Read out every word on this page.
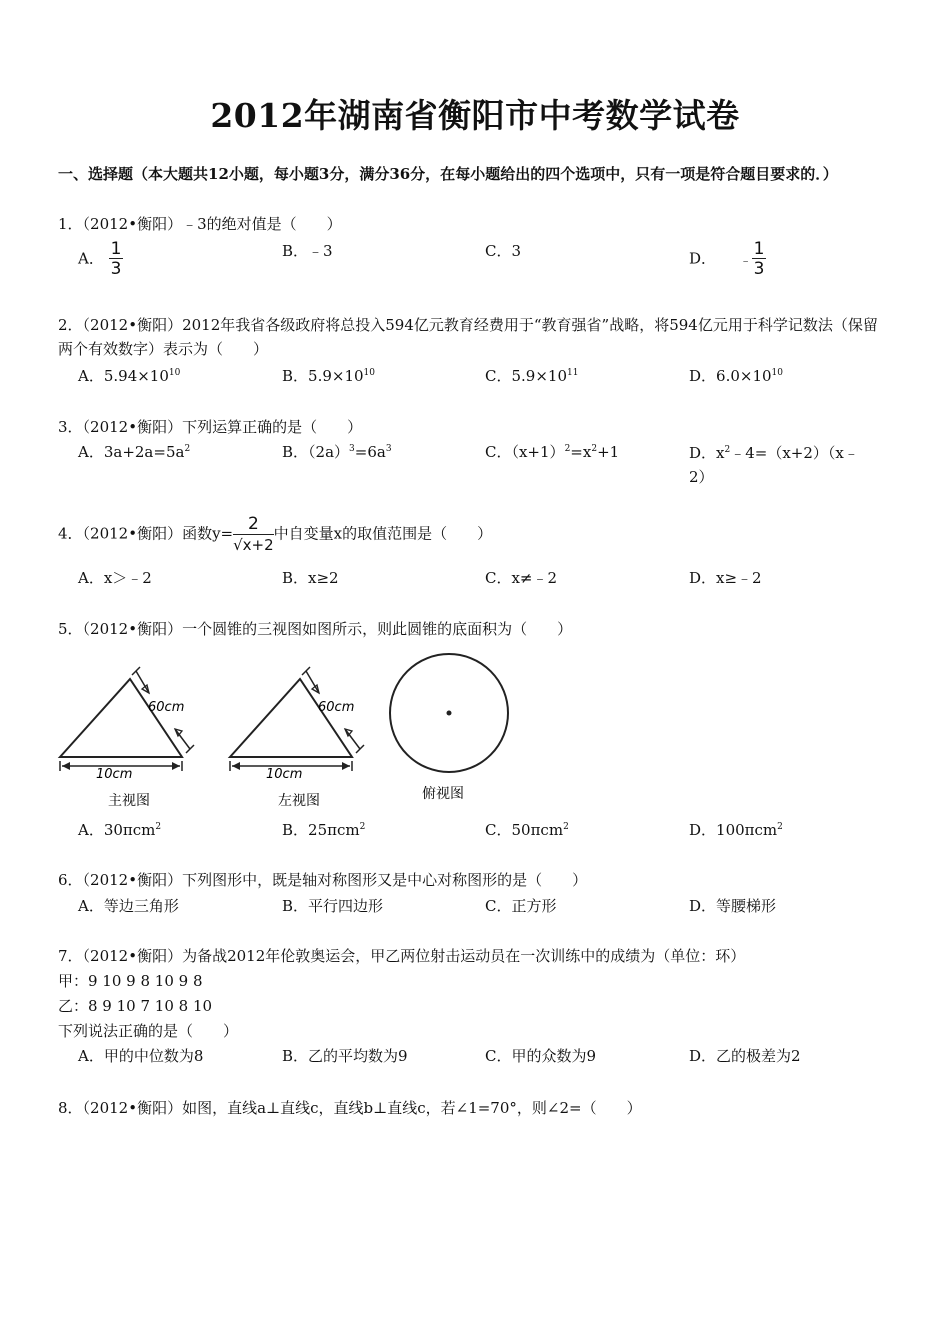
2012年湖南省衡阳市中考数学试卷
一、选择题（本大题共12小题，每小题3分，满分36分，在每小题给出的四个选项中，只有一项是符合题目要求的．）
1．（2012•衡阳）﹣3的绝对值是（　　）
A． $\frac{1}{3}$	B．﹣3	C．3	D． ﹣ $\frac{1}{3}$
2．（2012•衡阳）2012年我省各级政府将总投入594亿元教育经费用于“教育强省”战略，将594亿元用于科学记数法（保留两个有效数字）表示为（　　）
A．$5.94\times 10^{10}$	B．$5.9\times 10^{10}$	C．$5.9\times 10^{11}$	D．$6.0\times 10^{10}$
3．（2012•衡阳）下列运算正确的是（　　）
A．$3a+2a=5a^2$	B．$(2a)^3=6a^3$	C．$(x+1)^2=x^2+1$	D．$x^2﹣4=(x+2)(x﹣2)$
4．（2012•衡阳）函数$y= \frac{2}{√x+2}$ 中自变量x的取值范围是（　　）
A．x＞﹣2	B．x≥2	C．x≠﹣2	D．x≥﹣2
5．（2012•衡阳）一个圆锥的三视图如图所示，则此圆锥的底面积为（　　）
60cm
10cm
主视图
60cm
10cm
左视图	俯视图
A．30πcm$^2$	B．25πcm$^2$	C．50πcm$^2$	D．100πcm$^2$
6．（2012•衡阳）下列图形中，既是轴对称图形又是中心对称图形的是（　　）
A．等边三角形	B．平行四边形	C．正方形	D．等腰梯形
7．（2012•衡阳）为备战2012年伦敦奥运会，甲乙两位射击运动员在一次训练中的成绩为（单位：环）
甲：9 10 9 8 10 9 8
乙：8 9 10 7 10 8 10
下列说法正确的是（　　）
A．甲的中位数为8	B．乙的平均数为9	C．甲的众数为9	D．乙的极差为2
8．（2012•衡阳）如图，直线a⊥直线c，直线b⊥直线c，若∠1=70°，则∠2=（　　）
